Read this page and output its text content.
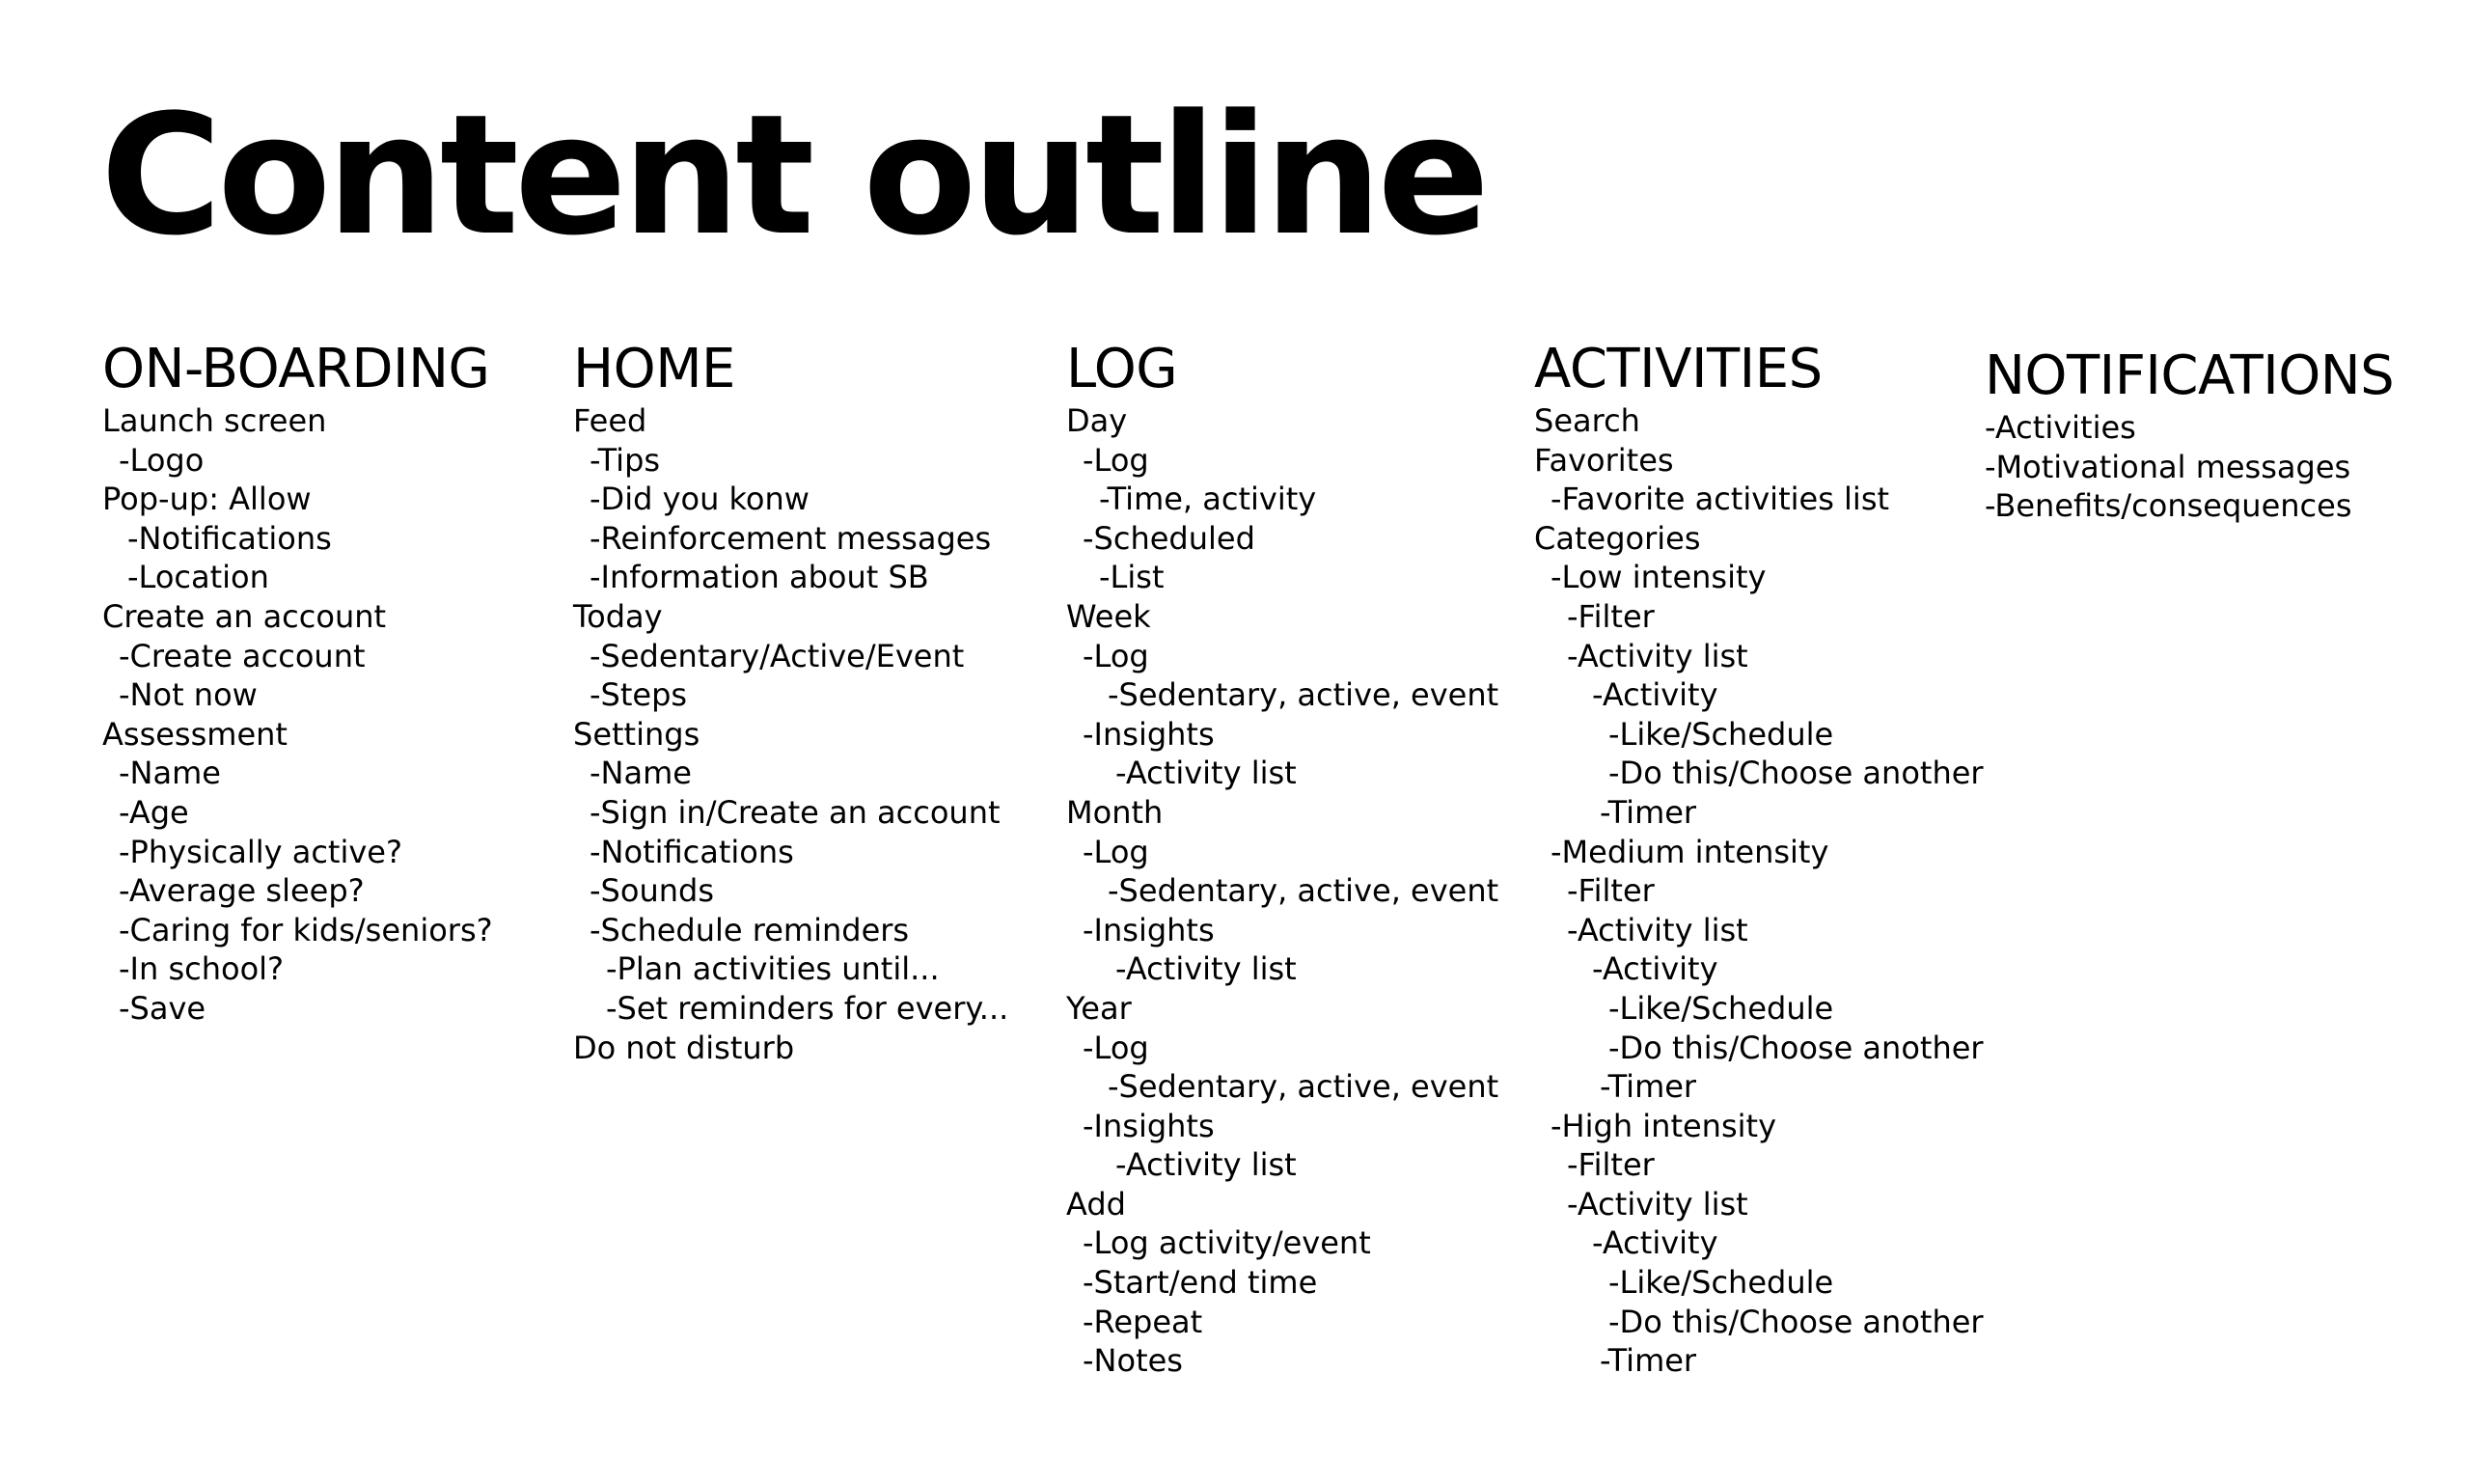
Content outline
ON-BOARDING
Launch screen
-Logo
Pop-up: Allow
-Notifications
-Location
Create an account
-Create account
-Not now
Assessment
-Name
-Age
-Physically active?
-Average sleep?
-Caring for kids/seniors?
-In school?
-Save
HOME
Feed
-Tips
-Did you konw
-Reinforcement messages
-Information about SB
Today
-Sedentary/Active/Event
-Steps
Settings
-Name
-Sign in/Create an account
-Notifications
-Sounds
-Schedule reminders
-Plan activities until...
-Set reminders for every...
Do not disturb
LOG
Day
-Log
-Time, activity
-Scheduled
-List
Week
-Log
-Sedentary, active, event
-Insights
-Activity list
Month
-Log
-Sedentary, active, event
-Insights
-Activity list
Year
-Log
-Sedentary, active, event
-Insights
-Activity list
Add
-Log activity/event
-Start/end time
-Repeat
-Notes
ACTIVITIES
Search
Favorites
-Favorite activities list
Categories
-Low intensity
-Filter
-Activity list
-Activity
-Like/Schedule
-Do this/Choose another
-Timer
-Medium intensity
-Filter
-Activity list
-Activity
-Like/Schedule
-Do this/Choose another
-Timer
-High intensity
-Filter
-Activity list
-Activity
-Like/Schedule
-Do this/Choose another
-Timer
NOTIFICATIONS
-Activities
-Motivational messages
-Benefits/consequences
